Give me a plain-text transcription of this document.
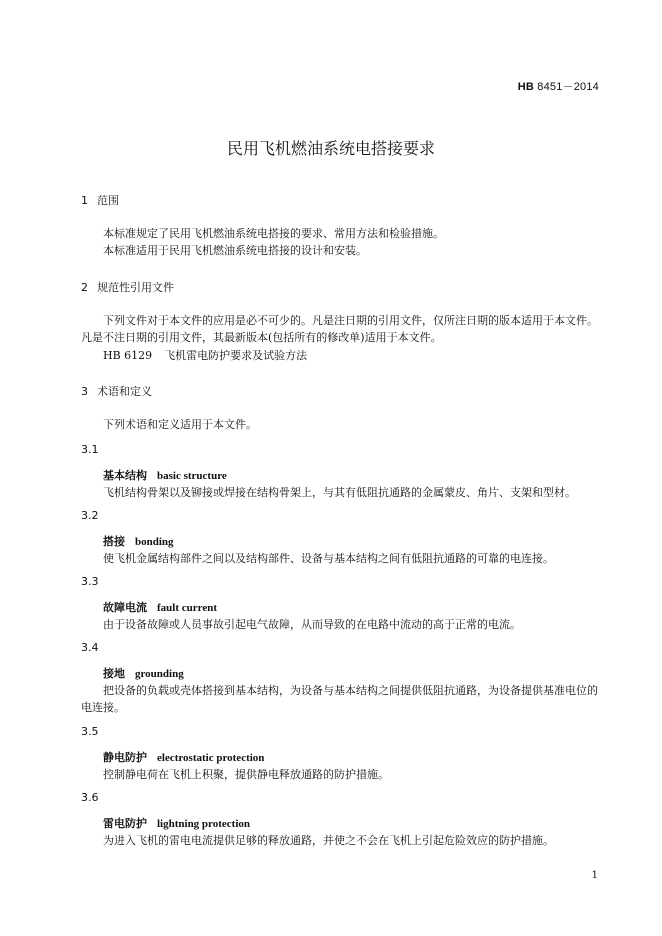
HB 8451－2014
民用飞机燃油系统电搭接要求
1 范围
本标准规定了民用飞机燃油系统电搭接的要求、常用方法和检验措施。
本标准适用于民用飞机燃油系统电搭接的设计和安装。
2 规范性引用文件
下列文件对于本文件的应用是必不可少的。凡是注日期的引用文件，仅所注日期的版本适用于本文件。凡是不注日期的引用文件，其最新版本(包括所有的修改单)适用于本文件。
HB 6129 飞机雷电防护要求及试验方法
3 术语和定义
下列术语和定义适用于本文件。
3.1
基本结构 basic structure
飞机结构骨架以及铆接或焊接在结构骨架上，与其有低阻抗通路的金属蒙皮、角片、支架和型材。
3.2
搭接 bonding
使飞机金属结构部件之间以及结构部件、设备与基本结构之间有低阻抗通路的可靠的电连接。
3.3
故障电流 fault current
由于设备故障或人员事故引起电气故障，从而导致的在电路中流动的高于正常的电流。
3.4
接地 grounding
把设备的负载或壳体搭接到基本结构，为设备与基本结构之间提供低阻抗通路，为设备提供基准电位的电连接。
3.5
静电防护 electrostatic protection
控制静电荷在飞机上积聚，提供静电释放通路的防护措施。
3.6
雷电防护 lightning protection
为进入飞机的雷电电流提供足够的释放通路，并使之不会在飞机上引起危险效应的防护措施。
1
